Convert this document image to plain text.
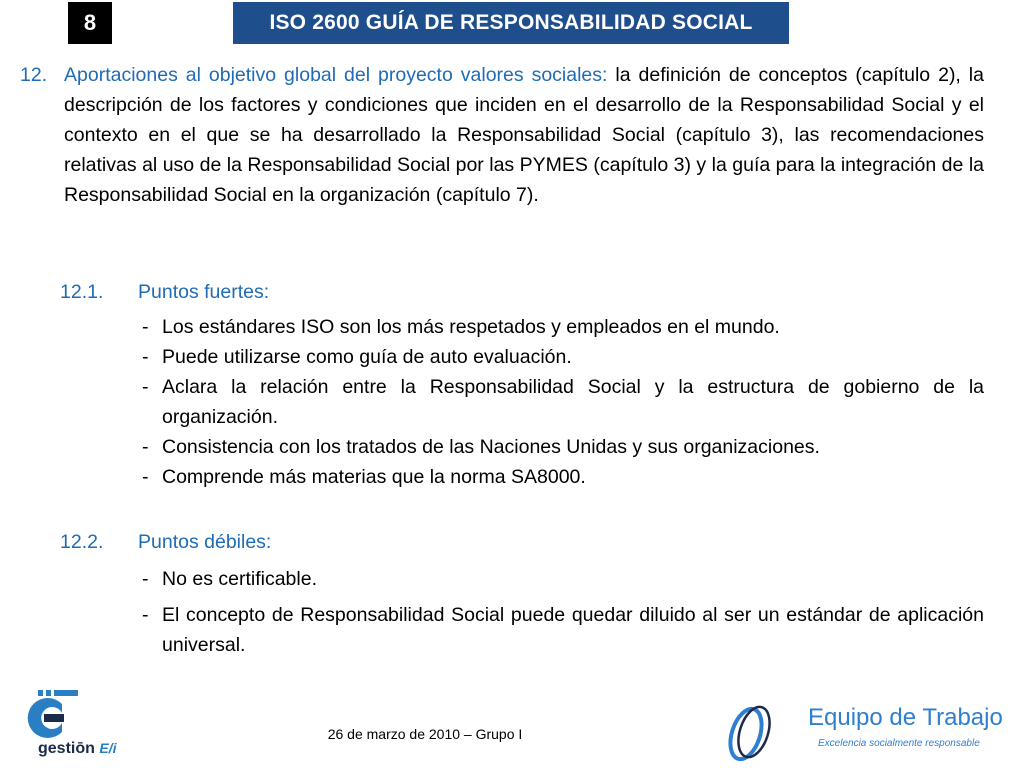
8	ISO 2600 GUÍA DE RESPONSABILIDAD SOCIAL
12. Aportaciones al objetivo global del proyecto valores sociales: la definición de conceptos (capítulo 2), la descripción de los factores y condiciones que inciden en el desarrollo de la Responsabilidad Social y el contexto en el que se ha desarrollado la Responsabilidad Social (capítulo 3), las recomendaciones relativas al uso de la Responsabilidad Social por las PYMES (capítulo 3) y la guía para la integración de la Responsabilidad Social en la organización (capítulo 7).
12.1. Puntos fuertes:
- Los estándares ISO son los más respetados y empleados en el mundo.
- Puede utilizarse como guía de auto evaluación.
- Aclara la relación entre la Responsabilidad Social y la estructura de gobierno de la organización.
- Consistencia con los tratados de las Naciones Unidas y sus organizaciones.
- Comprende más materias que la norma SA8000.
12.2. Puntos débiles:
- No es certificable.
- El concepto de Responsabilidad Social puede quedar diluido al ser un estándar de aplicación universal.
gestiōn E/i
26 de marzo de 2010 – Grupo I
Equipo de Trabajo
Excelencia socialmente responsable
